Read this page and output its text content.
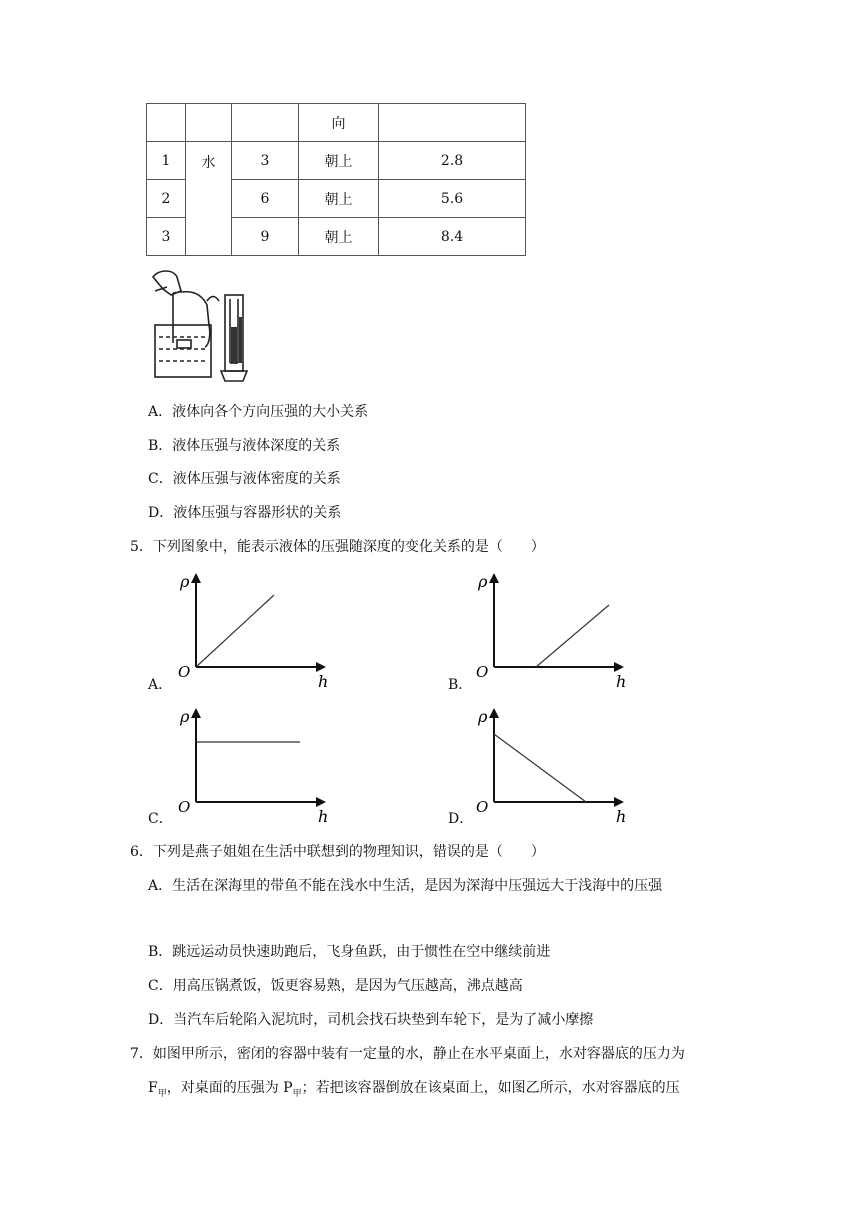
			向	
1	水	3	朝上	2.8
2		6	朝上	5.6
3		9	朝上	8.4
A．液体向各个方向压强的大小关系
B．液体压强与液体深度的关系
C．液体压强与液体密度的关系
D．液体压强与容器形状的关系
5．下列图象中，能表示液体的压强随深度的变化关系的是（　　）
A．
ρ
O	h	B．
ρ
O	h
C．
ρ
O	h	D．
ρ
O	h
6．下列是燕子姐姐在生活中联想到的物理知识，错误的是（　　）
A．生活在深海里的带鱼不能在浅水中生活，是因为深海中压强远大于浅海中的压强
B．跳远运动员快速助跑后，飞身鱼跃，由于惯性在空中继续前进
C．用高压锅煮饭，饭更容易熟，是因为气压越高，沸点越高
D．当汽车后轮陷入泥坑时，司机会找石块垫到车轮下，是为了减小摩擦
7．如图甲所示，密闭的容器中装有一定量的水，静止在水平桌面上，水对容器底的压力为
$F_甲$，对桌面的压强为 $P_甲$；若把该容器倒放在该桌面上，如图乙所示，水对容器底的压
